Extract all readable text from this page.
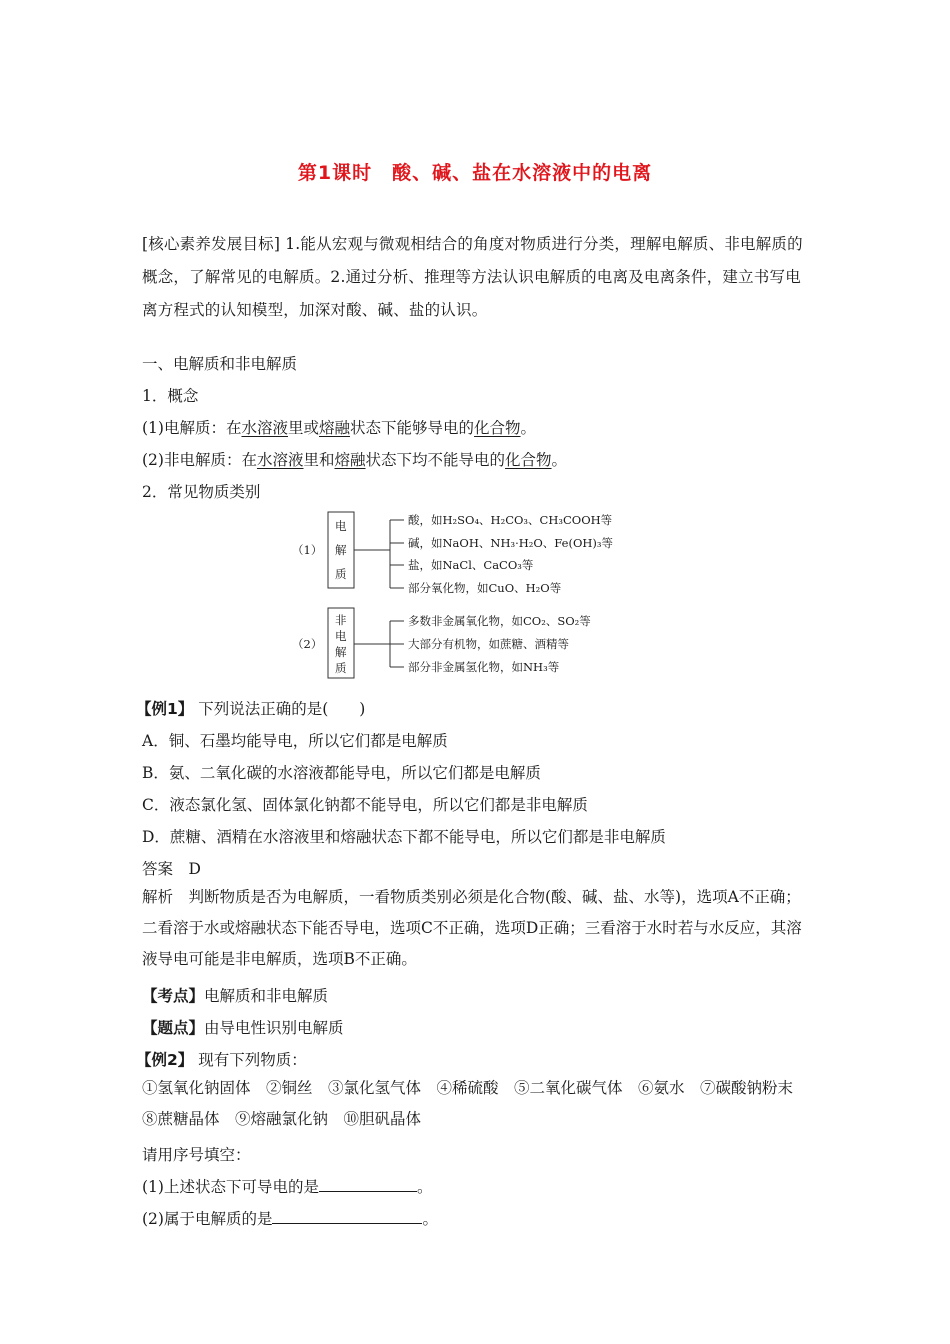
第1课时　酸、碱、盐在水溶液中的电离
[核心素养发展目标] 1.能从宏观与微观相结合的角度对物质进行分类，理解电解质、非电解质的概念，了解常见的电解质。2.通过分析、推理等方法认识电解质的电离及电离条件，建立书写电离方程式的认知模型，加深对酸、碱、盐的认识。
一、电解质和非电解质
1．概念
(1)电解质：在水溶液里或熔融状态下能够导电的化合物。
(2)非电解质：在水溶液里和熔融状态下均不能导电的化合物。
2．常见物质类别
（1）
电
解
质
酸，如H₂SO₄、H₂CO₃、CH₃COOH等
碱，如NaOH、NH₃·H₂O、Fe(OH)₃等
盐，如NaCl、CaCO₃等
部分氧化物，如CuO、H₂O等
（2）
非
电
解
质
多数非金属氧化物，如CO₂、SO₂等
大部分有机物，如蔗糖、酒精等
部分非金属氢化物，如NH₃等
【例1】 下列说法正确的是(　　)
A．铜、石墨均能导电，所以它们都是电解质
B．氨、二氧化碳的水溶液都能导电，所以它们都是电解质
C．液态氯化氢、固体氯化钠都不能导电，所以它们都是非电解质
D．蔗糖、酒精在水溶液里和熔融状态下都不能导电，所以它们都是非电解质
答案　D
解析　判断物质是否为电解质，一看物质类别必须是化合物(酸、碱、盐、水等)，选项A不正确；二看溶于水或熔融状态下能否导电，选项C不正确，选项D正确；三看溶于水时若与水反应，其溶液导电可能是非电解质，选项B不正确。
【考点】电解质和非电解质
【题点】由导电性识别电解质
【例2】 现有下列物质：
①氢氧化钠固体　②铜丝　③氯化氢气体　④稀硫酸　⑤二氧化碳气体　⑥氨水　⑦碳酸钠粉末　⑧蔗糖晶体　⑨熔融氯化钠　⑩胆矾晶体
请用序号填空：
(1)上述状态下可导电的是	。
(2)属于电解质的是	。
